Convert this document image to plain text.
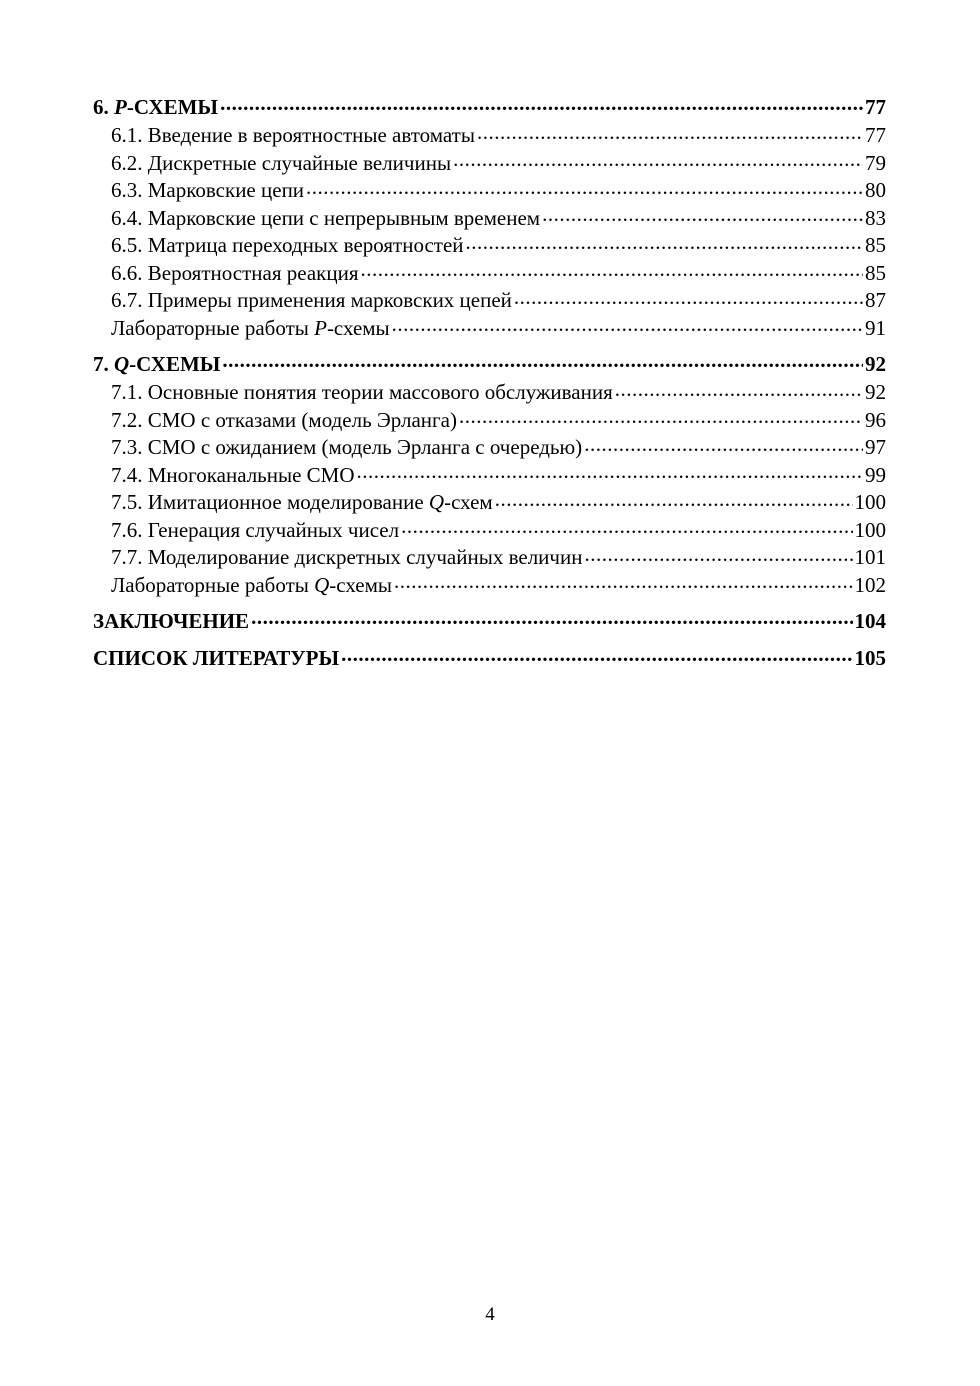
6. P-СХЕМЫ .....	77
6.1. Введение в вероятностные автоматы .....	77
6.2. Дискретные случайные величины .....	79
6.3. Марковские цепи .....	80
6.4. Марковские цепи с непрерывным временем .....	83
6.5. Матрица переходных вероятностей .....	85
6.6. Вероятностная реакция .....	85
6.7. Примеры применения марковских цепей .....	87
Лабораторные работы P-схемы .....	91
7. Q-СХЕМЫ .....	92
7.1. Основные понятия теории массового обслуживания .....	92
7.2. СМО с отказами (модель Эрланга) .....	96
7.3. СМО с ожиданием (модель Эрланга с очередью) .....	97
7.4. Многоканальные СМО .....	99
7.5. Имитационное моделирование Q-схем .....	100
7.6. Генерация случайных чисел .....	100
7.7. Моделирование дискретных случайных величин .....	101
Лабораторные работы Q-схемы .....	102
ЗАКЛЮЧЕНИЕ .....	104
СПИСОК ЛИТЕРАТУРЫ .....	105
4
